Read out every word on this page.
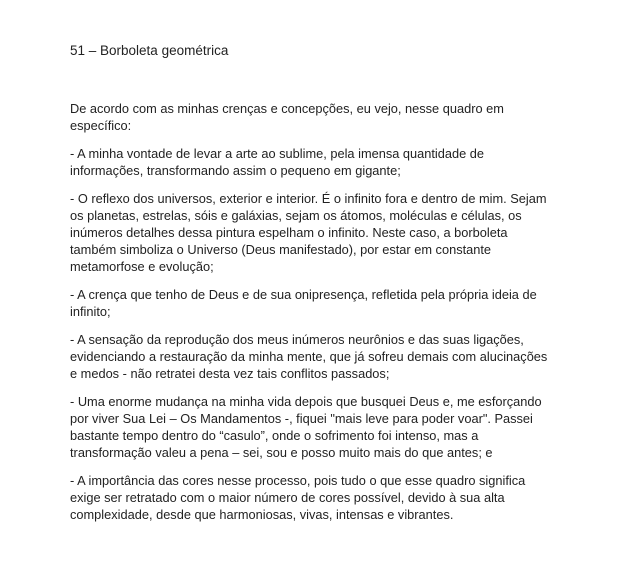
51 – Borboleta geométrica

De acordo com as minhas crenças e concepções, eu vejo, nesse quadro em específico:

- A minha vontade de levar a arte ao sublime, pela imensa quantidade de informações, transformando assim o pequeno em gigante;

- O reflexo dos universos, exterior e interior. É o infinito fora e dentro de mim. Sejam os planetas, estrelas, sóis e galáxias, sejam os átomos, moléculas e células, os inúmeros detalhes dessa pintura espelham o infinito. Neste caso, a borboleta também simboliza o Universo (Deus manifestado), por estar em constante metamorfose e evolução;

- A crença que tenho de Deus e de sua onipresença, refletida pela própria ideia de infinito;

- A sensação da reprodução dos meus inúmeros neurônios e das suas ligações, evidenciando a restauração da minha mente, que já sofreu demais com alucinações e medos - não retratei desta vez tais conflitos passados;

- Uma enorme mudança na minha vida depois que busquei Deus e, me esforçando por viver Sua Lei – Os Mandamentos -, fiquei "mais leve para poder voar". Passei bastante tempo dentro do “casulo”, onde o sofrimento foi intenso, mas a transformação valeu a pena – sei, sou e posso muito mais do que antes; e

- A importância das cores nesse processo, pois tudo o que esse quadro significa exige ser retratado com o maior número de cores possível, devido à sua alta complexidade, desde que harmoniosas, vivas, intensas e vibrantes.
